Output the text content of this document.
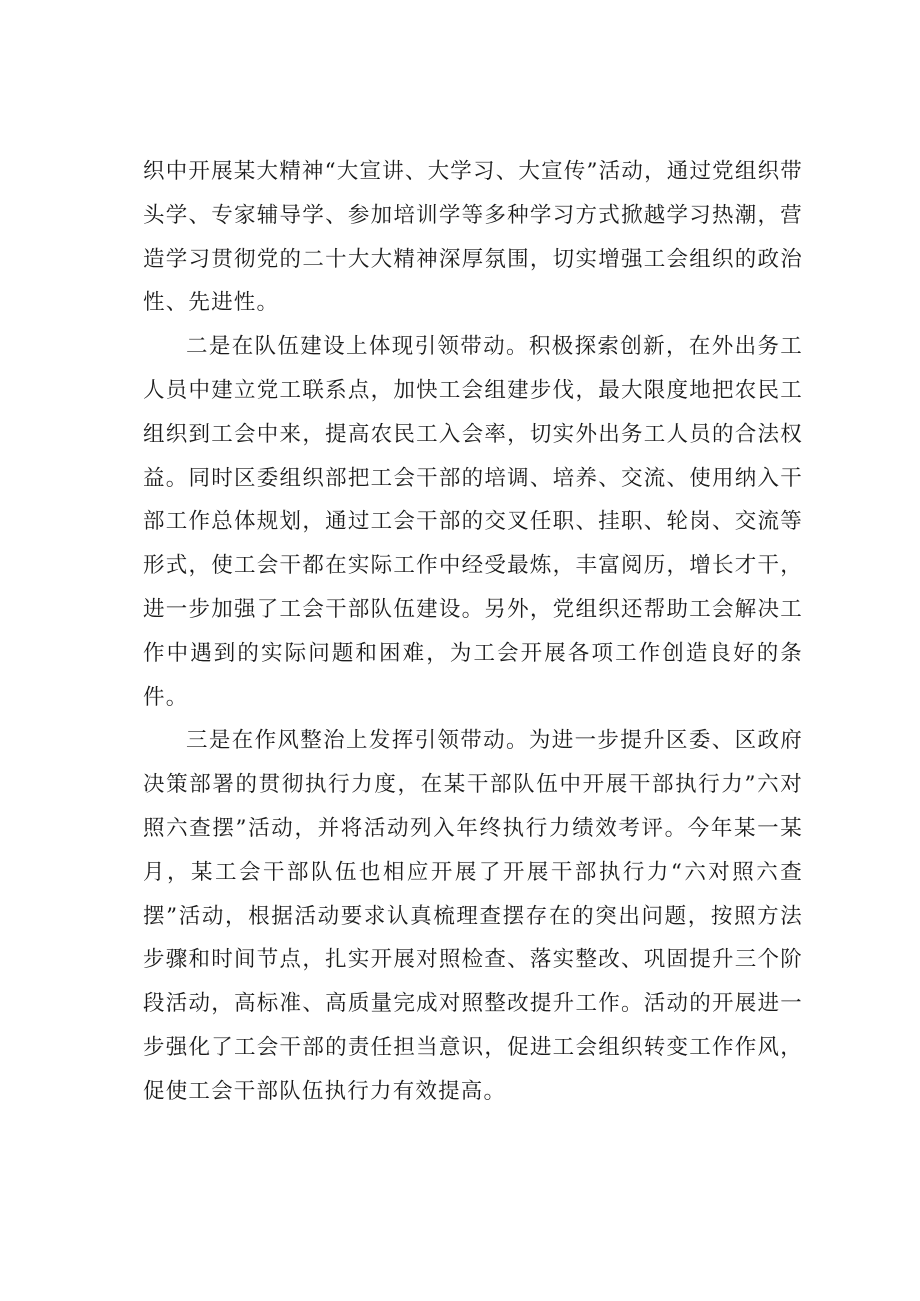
织中开展某大精神“大宣讲、大学习、大宣传”活动，通过党组织带头学、专家辅导学、参加培训学等多种学习方式掀越学习热潮，营造学习贯彻党的二十大大精神深厚氛围，切实增强工会组织的政治性、先进性。

二是在队伍建设上体现引领带动。积极探索创新，在外出务工人员中建立党工联系点，加快工会组建步伐，最大限度地把农民工组织到工会中来，提高农民工入会率，切实外出务工人员的合法权益。同时区委组织部把工会干部的培调、培养、交流、使用纳入干部工作总体规划，通过工会干部的交叉任职、挂职、轮岗、交流等形式，使工会干都在实际工作中经受最炼，丰富阅历，增长才干，进一步加强了工会干部队伍建设。另外，党组织还帮助工会解决工作中遇到的实际问题和困难，为工会开展各项工作创造良好的条件。

三是在作风整治上发挥引领带动。为进一步提升区委、区政府决策部署的贯彻执行力度，在某干部队伍中开展干部执行力”六对照六查摆”活动，并将活动列入年终执行力绩效考评。今年某一某月，某工会干部队伍也相应开展了开展干部执行力“六对照六查摆”活动，根据活动要求认真梳理查摆存在的突出问题，按照方法步骤和时间节点，扎实开展对照检查、落实整改、巩固提升三个阶段活动，高标准、高质量完成对照整改提升工作。活动的开展进一步强化了工会干部的责任担当意识，促进工会组织转变工作作风，促使工会干部队伍执行力有效提高。
